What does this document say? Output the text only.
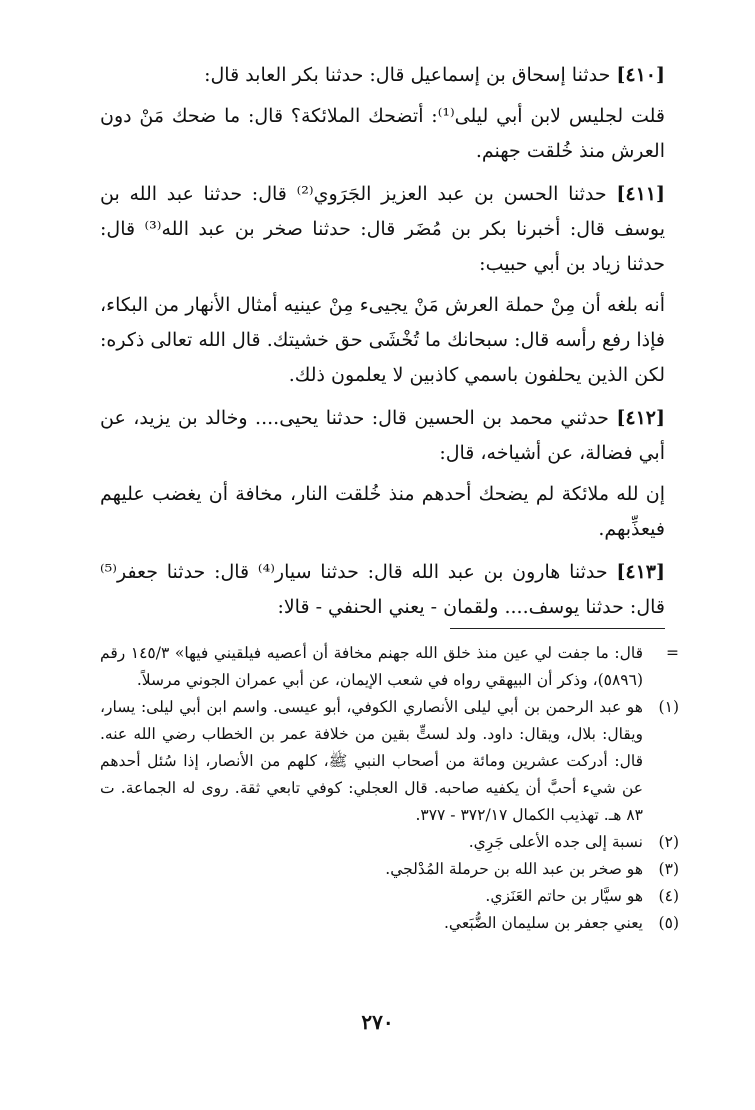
[٤١٠] حدثنا إسحاق بن إسماعيل قال: حدثنا بكر العابد قال:

قلت لجليس لابن أبي ليلى⁽¹⁾: أتضحك الملائكة؟ قال: ما ضحك مَنْ دون العرش منذ خُلقت جهنم.

[٤١١] حدثنا الحسن بن عبد العزيز الجَرَوي⁽²⁾ قال: حدثنا عبد الله بن يوسف قال: أخبرنا بكر بن مُضَر قال: حدثنا صخر بن عبد الله⁽³⁾ قال: حدثنا زياد بن أبي حبيب:

أنه بلغه أن مِنْ حملة العرش مَنْ يجيىء مِنْ عينيه أمثال الأنهار من البكاء، فإذا رفع رأسه قال: سبحانك ما تُخْشَى حق خشيتك. قال الله تعالى ذكره: لكن الذين يحلفون باسمي كاذبين لا يعلمون ذلك.

[٤١٢] حدثني محمد بن الحسين قال: حدثنا يحيى.... وخالد بن يزيد، عن أبي فضالة، عن أشياخه، قال:

إن لله ملائكة لم يضحك أحدهم منذ خُلقت النار، مخافة أن يغضب عليهم فيعذِّبهم.

[٤١٣] حدثنا هارون بن عبد الله قال: حدثنا سيار⁽⁴⁾ قال: حدثنا جعفر⁽⁵⁾ قال: حدثنا يوسف.... ولقمان - يعني الحنفي - قالا:

=
قال: ما جفت لي عين منذ خلق الله جهنم مخافة أن أعصيه فيلقيني فيها» ١٤٥/٣ رقم (٥٨٩٦)، وذكر أن البيهقي رواه في شعب الإيمان، عن أبي عمران الجوني مرسلاً.
(١)
هو عبد الرحمن بن أبي ليلى الأنصاري الكوفي، أبو عيسى. واسم ابن أبي ليلى: يسار، ويقال: بلال، ويقال: داود. ولد لستٍّ بقين من خلافة عمر بن الخطاب رضي الله عنه. قال: أدركت عشرين ومائة من أصحاب النبي ﷺ، كلهم من الأنصار، إذا سُئل أحدهم عن شيء أحبَّ أن يكفيه صاحبه. قال العجلي: كوفي تابعي ثقة. روى له الجماعة. ت ٨٣ هـ. تهذيب الكمال ٣٧٢/١٧ - ٣٧٧.
(٢)
نسبة إلى جده الأعلى جَرِي.
(٣)
هو صخر بن عبد الله بن حرملة المُدْلجي.
(٤)
هو سيَّار بن حاتم العَنَزي.
(٥)
يعني جعفر بن سليمان الضُّبَعي.
٢٧٠
